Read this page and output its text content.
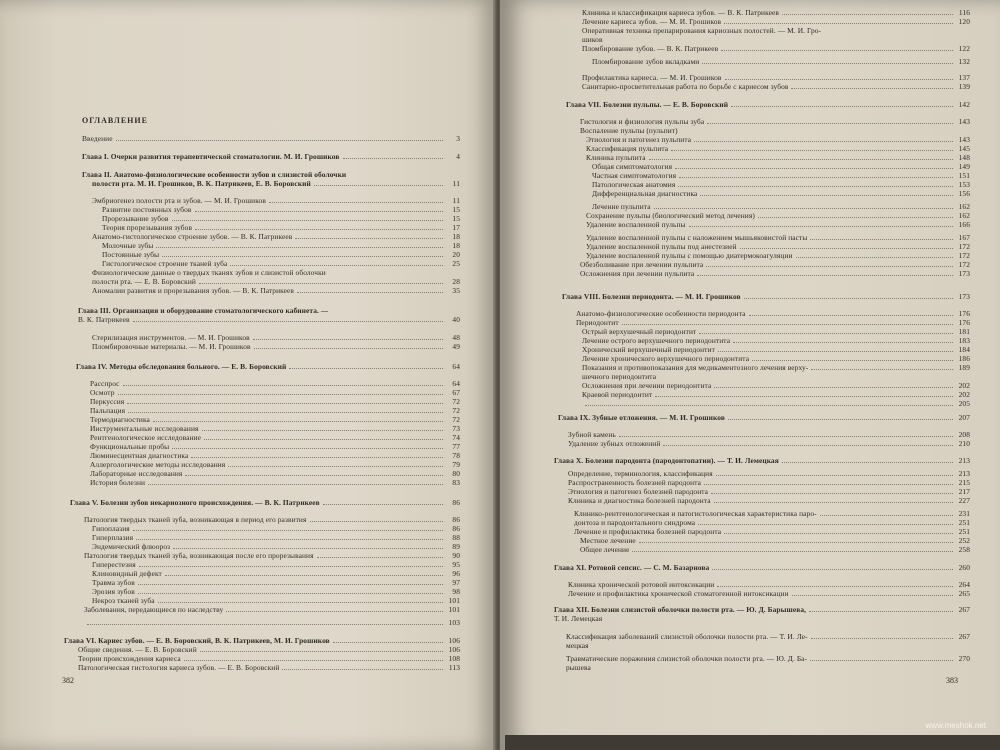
ОГЛАВЛЕНИЕ
Введение	3
Глава I. Очерки развития терапевтической стоматологии. М. И. Грошиков	4
Глава II. Анатомо-физиологические особенности зубов и слизистой оболочки
полости рта. М. И. Грошиков, В. К. Патрикеев, Е. В. Боровский	11
Эмбриогенез полости рта и зубов. — М. И. Грошиков	11
Развитие постоянных зубов	15
Прорезывание зубов	15
Теория прорезывания зубов	17
Анатомо-гистологическое строение зубов. — В. К. Патрикеев	18
Молочные зубы	18
Постоянные зубы	20
Гистологическое строение тканей зуба	25
Физиологические данные о твердых тканях зубов и слизистой оболочки
полости рта. — Е. В. Боровский	28
Аномалии развития и прорезывания зубов. — В. К. Патрикеев	35
Глава III. Организация и оборудование стоматологического кабинета. —
В. К. Патрикеев	40
Стерилизация инструментов. — М. И. Грошиков	48
Пломбировочные материалы. — М. И. Грошиков	49
Глава IV. Методы обследования больного. — Е. В. Боровский	64
Расспрос	64
Осмотр	67
Перкуссия	72
Пальпация	72
Термодиагностика	72
Инструментальные исследования	73
Рентгенологическое исследование	74
Функциональные пробы	77
Люминесцентная диагностика	78
Аллергологические методы исследования	79
Лабораторные исследования	80
История болезни	83
Глава V. Болезни зубов некариозного происхождения. — В. К. Патрикеев	86
Патология твердых тканей зуба, возникающая в период его развития	86
Гипоплазия	86
Гиперплазия	88
Эндемический флюороз	89
Патология твердых тканей зуба, возникающая после его прорезывания	90
Гиперестезия	95
Клиновидный дефект	96
Травма зубов	97
Эрозия зубов	98
Некроз тканей зуба	101
Заболевания, передающиеся по наследству	101
103
Глава VI. Кариес зубов. — Е. В. Боровский, В. К. Патрикеев, М. И. Грошиков	106
Общие сведения. — Е. В. Боровский	106
Теории происхождения кариеса	108
Патологическая гистология кариеса зубов. — Е. В. Боровский	113
382
Клиника и классификация кариеса зубов. — В. К. Патрикеев	116
Лечение кариеса зубов. — М. И. Грошиков	120
Оперативная техника препарирования кариозных полостей. — М. И. Гро-
шиков
Пломбирование зубов. — В. К. Патрикеев	122
Пломбирование зубов вкладками	132
Профилактика кариеса. — М. И. Грошиков	137
Санитарно-просветительная работа по борьбе с кариесом зубов	139
Глава VII. Болезни пульпы. — Е. В. Боровский	142
Гистология и физиология пульпы зуба	143
Воспаление пульпы (пульпит)
Этиология и патогенез пульпита	143
Классификация пульпита	145
Клиника пульпита	148
Общая симптоматология	149
Частная симптоматология	151
Патологическая анатомия	153
Дифференциальная диагностика	156
Лечение пульпита	162
Сохранение пульпы (биологический метод лечения)	162
Удаление воспаленной пульпы	166
Удаление воспаленной пульпы с наложением мышьяковистой пасты	167
Удаление воспаленной пульпы под анестезией	172
Удаление воспаленной пульпы с помощью диатермокоагуляции	172
Обезболивание при лечении пульпита	172
Осложнения при лечении пульпита	173
Глава VIII. Болезни периодонта. — М. И. Грошиков	173
Анатомо-физиологические особенности периодонта	176
Периодонтит	176
Острый верхушечный периодонтит	181
Лечение острого верхушечного периодонтита	183
Хронический верхушечный периодонтит	184
Лечение хронического верхушечного периодонтита	186
Показания и противопоказания для медикаментозного лечения верху-	189
шечного периодонтита
Осложнения при лечении периодонтита	202
Краевой периодонтит	202
205
Глава IX. Зубные отложения. — М. И. Грошиков	207
Зубной камень	208
Удаление зубных отложений	210
Глава X. Болезни пародонта (пародонтопатии). — Т. И. Лемецкая	213
Определение, терминология, классификация	213
Распространенность болезней пародонта	215
Этиология и патогенез болезней пародонта	217
Клиника и диагностика болезней пародонта	227
Клинико-рентгенологическая и патогистологическая характеристика паро-	231
донтоза и пародонтального синдрома	251
Лечение и профилактика болезней пародонта	251
Местное лечение	252
Общее лечение	258
Глава XI. Ротовой сепсис. — С. М. Базарнова	260
Клиника хронической ротовой интоксикации	264
Лечение и профилактика хронической стоматогенной интоксикации	265
Глава XII. Болезни слизистой оболочки полости рта. — Ю. Д. Барышева,	267
Т. И. Лемецкая
Классификация заболеваний слизистой оболочки полости рта. — Т. И. Ле-	267
мецкая
Травматические поражения слизистой оболочки полости рта. — Ю. Д. Ба-	270
рышева
383
www.meshok.net
